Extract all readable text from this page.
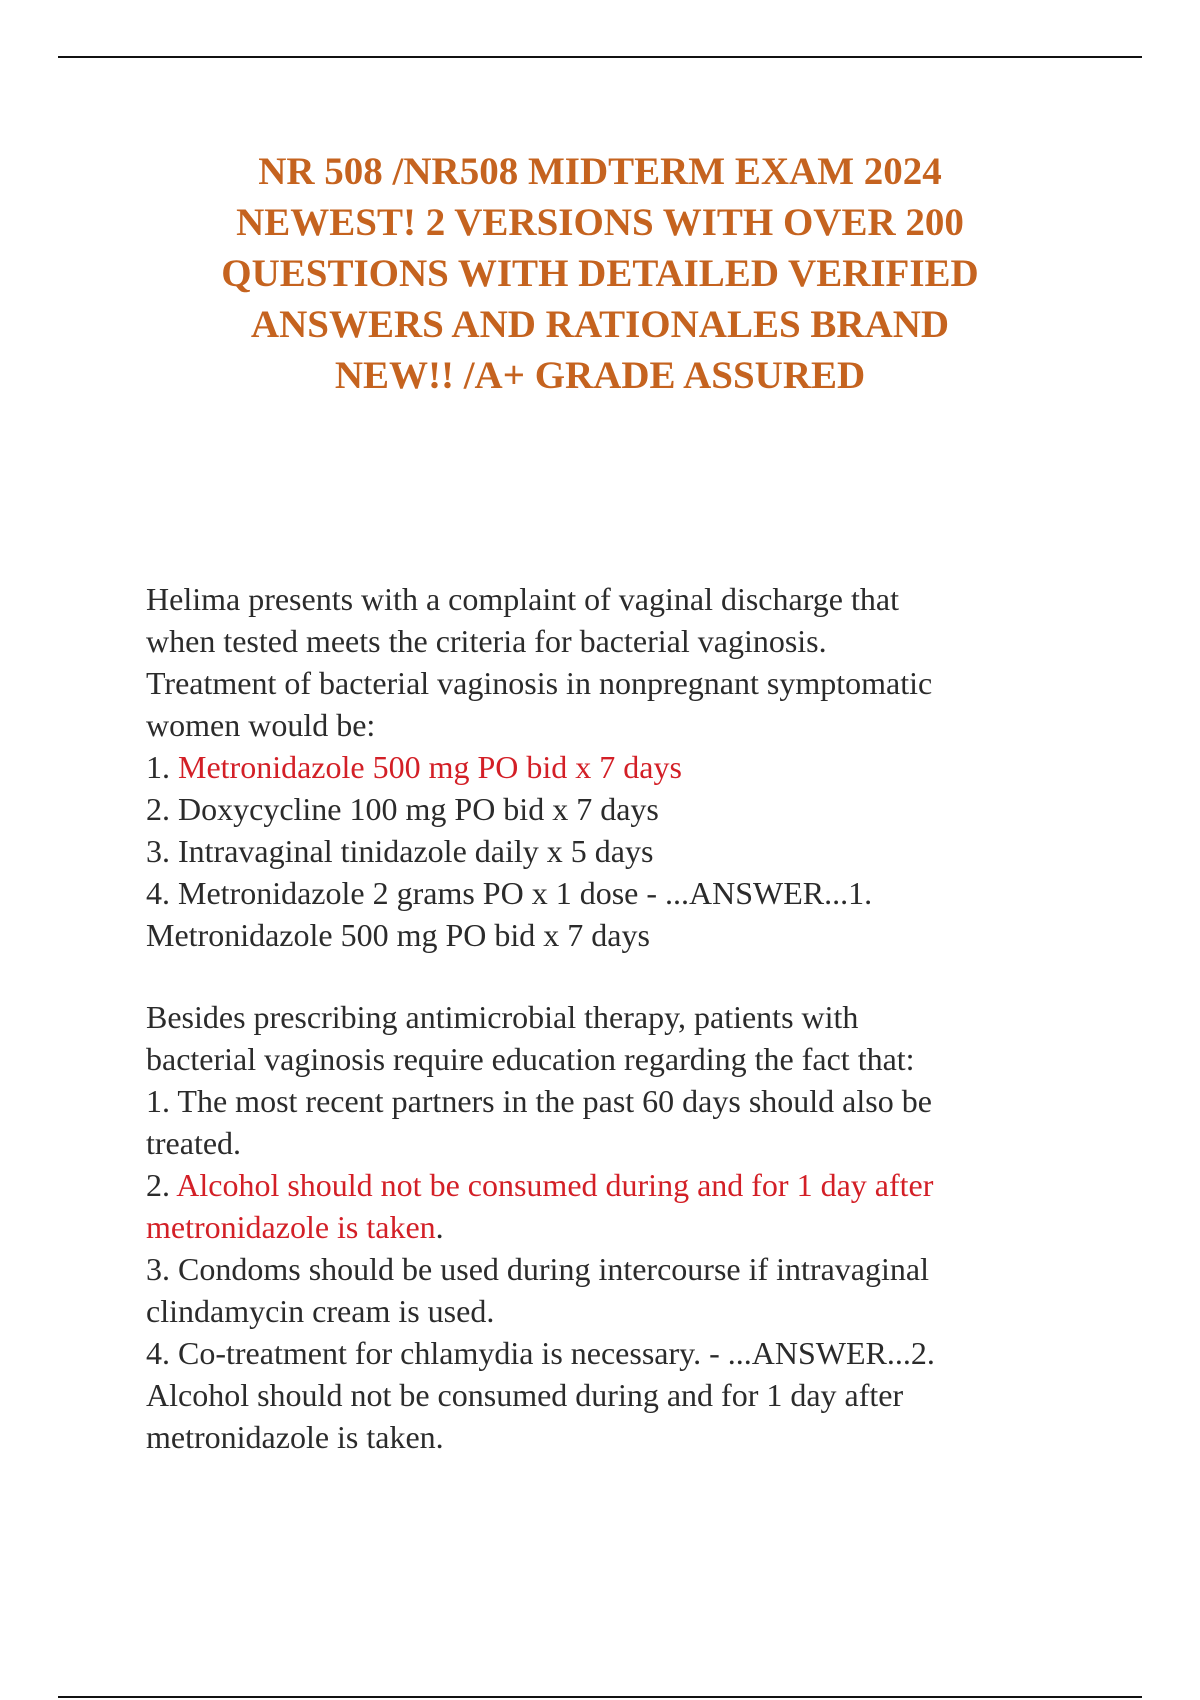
NR 508 /NR508 MIDTERM EXAM 2024
NEWEST! 2 VERSIONS WITH OVER 200
QUESTIONS WITH DETAILED VERIFIED
ANSWERS AND RATIONALES BRAND
NEW!! /A+ GRADE ASSURED
Helima presents with a complaint of vaginal discharge that
when tested meets the criteria for bacterial vaginosis.
Treatment of bacterial vaginosis in nonpregnant symptomatic
women would be:
1. Metronidazole 500 mg PO bid x 7 days
2. Doxycycline 100 mg PO bid x 7 days
3. Intravaginal tinidazole daily x 5 days
4. Metronidazole 2 grams PO x 1 dose - ...ANSWER...1.
Metronidazole 500 mg PO bid x 7 days
Besides prescribing antimicrobial therapy, patients with
bacterial vaginosis require education regarding the fact that:
1. The most recent partners in the past 60 days should also be
treated.
2. Alcohol should not be consumed during and for 1 day after
metronidazole is taken.
3. Condoms should be used during intercourse if intravaginal
clindamycin cream is used.
4. Co-treatment for chlamydia is necessary. - ...ANSWER...2.
Alcohol should not be consumed during and for 1 day after
metronidazole is taken.
